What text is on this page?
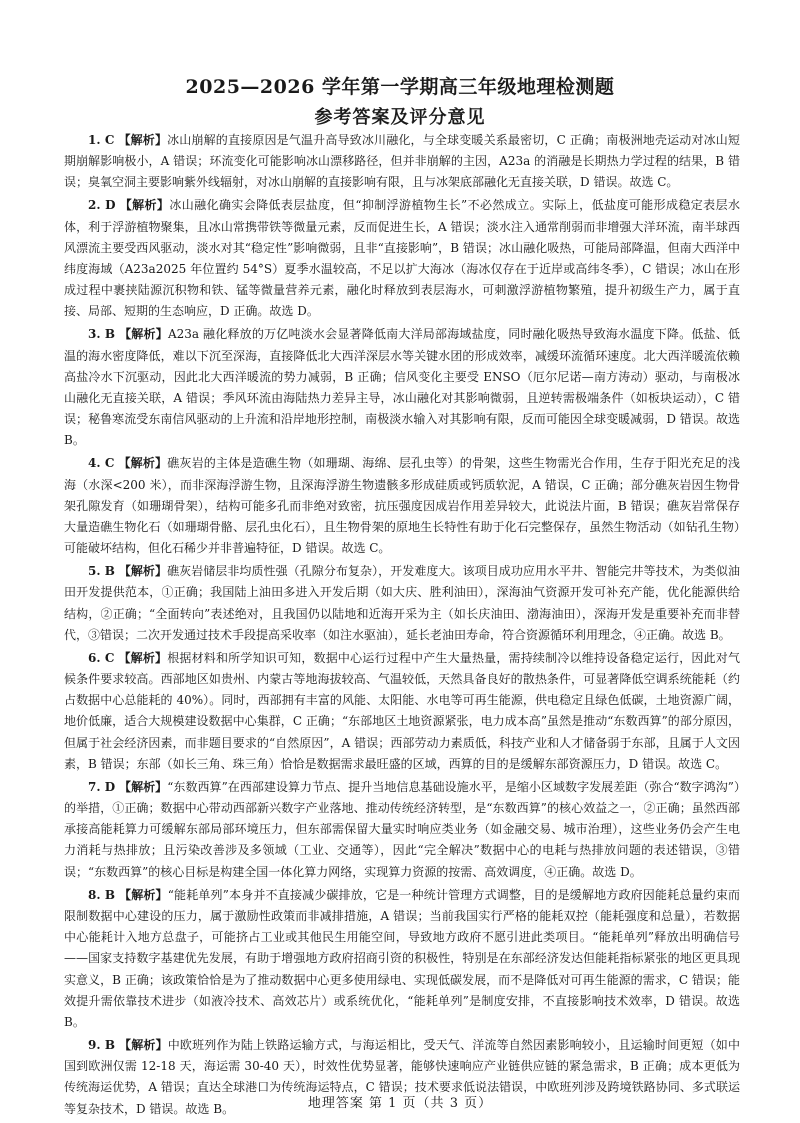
2025—2026 学年第一学期高三年级地理检测题
参考答案及评分意见

1. C 【解析】冰山崩解的直接原因是气温升高导致冰川融化，与全球变暖关系最密切，C 正确；南极洲地壳运动对冰山短期崩解影响极小，A 错误；环流变化可能影响冰山漂移路径，但并非崩解的主因，A23a 的消融是长期热力学过程的结果，B 错误；臭氧空洞主要影响紫外线辐射，对冰山崩解的直接影响有限，且与冰架底部融化无直接关联，D 错误。故选 C。

2. D 【解析】冰山融化确实会降低表层盐度，但“抑制浮游植物生长”不必然成立。实际上，低盐度可能形成稳定表层水体，利于浮游植物聚集，且冰山常携带铁等微量元素，反而促进生长，A 错误；淡水注入通常削弱而非增强大洋环流，南半球西风漂流主要受西风驱动，淡水对其“稳定性”影响微弱，且非“直接影响”，B 错误；冰山融化吸热，可能局部降温，但南大西洋中纬度海域（A23a2025 年位置约 54°S）夏季水温较高，不足以扩大海冰（海冰仅存在于近岸或高纬冬季），C 错误；冰山在形成过程中裹挟陆源沉积物和铁、锰等微量营养元素，融化时释放到表层海水，可刺激浮游植物繁殖，提升初级生产力，属于直接、局部、短期的生态响应，D 正确。故选 D。

3. B 【解析】A23a 融化释放的万亿吨淡水会显著降低南大洋局部海域盐度，同时融化吸热导致海水温度下降。低盐、低温的海水密度降低，难以下沉至深海，直接降低北大西洋深层水等关键水团的形成效率，减缓环流循环速度。北大西洋暖流依赖高盐冷水下沉驱动，因此北大西洋暖流的势力减弱，B 正确；信风变化主要受 ENSO（厄尔尼诺—南方涛动）驱动，与南极冰山融化无直接关联，A 错误；季风环流由海陆热力差异主导，冰山融化对其影响微弱，且逆转需极端条件（如板块运动），C 错误；秘鲁寒流受东南信风驱动的上升流和沿岸地形控制，南极淡水输入对其影响有限，反而可能因全球变暖减弱，D 错误。故选 B。

4. C 【解析】礁灰岩的主体是造礁生物（如珊瑚、海绵、层孔虫等）的骨架，这些生物需光合作用，生存于阳光充足的浅海（水深<200 米），而非深海浮游生物，且深海浮游生物遗骸多形成硅质或钙质软泥，A 错误，C 正确；部分礁灰岩因生物骨架孔隙发育（如珊瑚骨架），结构可能多孔而非绝对致密，抗压强度因成岩作用差异较大，此说法片面，B 错误；礁灰岩常保存大量造礁生物化石（如珊瑚骨骼、层孔虫化石），且生物骨架的原地生长特性有助于化石完整保存，虽然生物活动（如钻孔生物）可能破坏结构，但化石稀少并非普遍特征，D 错误。故选 C。

5. B 【解析】礁灰岩储层非均质性强（孔隙分布复杂），开发难度大。该项目成功应用水平井、智能完井等技术，为类似油田开发提供范本，①正确；我国陆上油田多进入开发后期（如大庆、胜利油田），深海油气资源开发可补充产能，优化能源供给结构，②正确；“全面转向”表述绝对，且我国仍以陆地和近海开采为主（如长庆油田、渤海油田），深海开发是重要补充而非替代，③错误；二次开发通过技术手段提高采收率（如注水驱油），延长老油田寿命，符合资源循环利用理念，④正确。故选 B。

6. C 【解析】根据材料和所学知识可知，数据中心运行过程中产生大量热量，需持续制冷以维持设备稳定运行，因此对气候条件要求较高。西部地区如贵州、内蒙古等地海拔较高、气温较低，天然具备良好的散热条件，可显著降低空调系统能耗（约占数据中心总能耗的 40%）。同时，西部拥有丰富的风能、太阳能、水电等可再生能源，供电稳定且绿色低碳，土地资源广阔，地价低廉，适合大规模建设数据中心集群，C 正确；“东部地区土地资源紧张，电力成本高”虽然是推动“东数西算”的部分原因，但属于社会经济因素，而非题目要求的“自然原因”，A 错误；西部劳动力素质低，科技产业和人才储备弱于东部，且属于人文因素，B 错误；东部（如长三角、珠三角）恰恰是数据需求最旺盛的区域，西算的目的是缓解东部资源压力，D 错误。故选 C。

7. D 【解析】“东数西算”在西部建设算力节点、提升当地信息基础设施水平，是缩小区域数字发展差距（弥合“数字鸿沟”）的举措，①正确；数据中心带动西部新兴数字产业落地、推动传统经济转型，是“东数西算”的核心效益之一，②正确；虽然西部承接高能耗算力可缓解东部局部环境压力，但东部需保留大量实时响应类业务（如金融交易、城市治理），这些业务仍会产生电力消耗与热排放；且污染改善涉及多领域（工业、交通等），因此“完全解决”数据中心的电耗与热排放问题的表述错误，③错误；“东数西算”的核心目标是构建全国一体化算力网络，实现算力资源的按需、高效调度，④正确。故选 D。

8. B 【解析】“能耗单列”本身并不直接减少碳排放，它是一种统计管理方式调整，目的是缓解地方政府因能耗总量约束而限制数据中心建设的压力，属于激励性政策而非减排措施，A 错误；当前我国实行严格的能耗双控（能耗强度和总量），若数据中心能耗计入地方总盘子，可能挤占工业或其他民生用能空间，导致地方政府不愿引进此类项目。“能耗单列”释放出明确信号——国家支持数字基建优先发展，有助于增强地方政府招商引资的积极性，特别是在东部经济发达但能耗指标紧张的地区更具现实意义，B 正确；该政策恰恰是为了推动数据中心更多使用绿电、实现低碳发展，而不是降低对可再生能源的需求，C 错误；能效提升需依靠技术进步（如液冷技术、高效芯片）或系统优化，“能耗单列”是制度安排，不直接影响技术效率，D 错误。故选 B。

9. B 【解析】中欧班列作为陆上铁路运输方式，与海运相比，受天气、洋流等自然因素影响较小，且运输时间更短（如中国到欧洲仅需 12-18 天，海运需 30-40 天），时效性优势显著，能够快速响应产业链供应链的紧急需求，B 正确；成本更低为传统海运优势，A 错误；直达全球港口为传统海运特点，C 错误；技术要求低说法错误，中欧班列涉及跨境铁路协同、多式联运等复杂技术，D 错误。故选 B。	地理答案 第 1 页（共 3 页）
